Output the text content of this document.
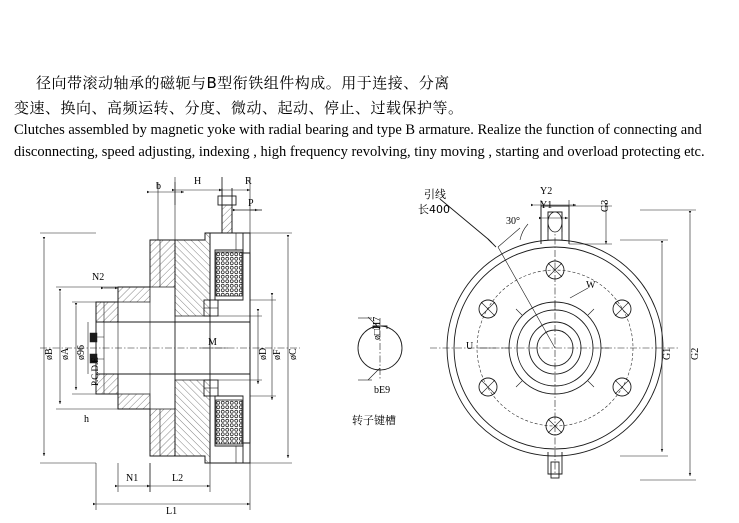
径向带滚动轴承的磁轭与B型衔铁组件构成。用于连接、分离
变速、换向、高频运转、分度、微动、起动、停止、过载保护等。
Clutches assembled by magnetic yoke with radial bearing and type B armature. Realize the function of connecting and
disconnecting, speed adjusting, indexing , high frequency revolving, tiny moving , starting and overload protecting etc.
b	H	R
P
N2
øB øA ø96
P.C.D.E
h
M
øD øF øC
N1	L2
L1
ø□H7
bE9
转子键槽
引线
长400
30°
Y2
Y1	G3
G1 G2
W
U
